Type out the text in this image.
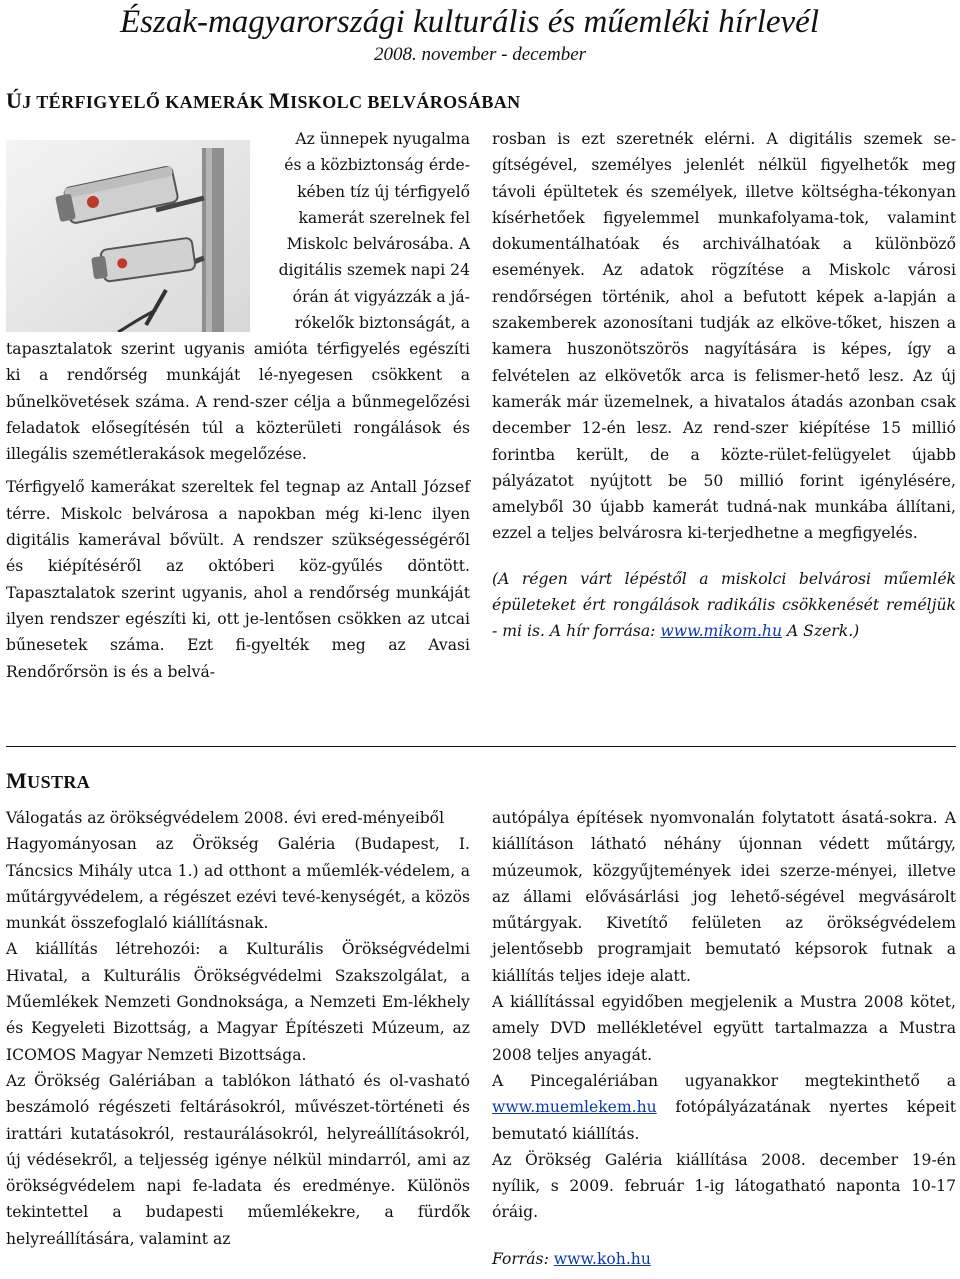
Észak-magyarországi kulturális és műemléki hírlevél
2008. november - december
ÚJ TÉRFIGYELŐ KAMERÁK MISKOLC BELVÁROSÁBAN
Az ünnepek nyugalma
és a közbiztonság érde-
kében tíz új térfigyelő
kamerát szerelnek fel
Miskolc belvárosába. A
digitális szemek napi 24
órán át vigyázzák a já-
rókelők biztonságát, a

tapasztalatok szerint ugyanis amióta térfigyelés egészíti ki a rendőrség munkáját lé-nyegesen csökkent a bűnelkövetések száma. A rend-szer célja a bűnmegelőzési feladatok elősegítésén túl a közterületi rongálások és illegális szemétlerakások megelőzése.

Térfigyelő kamerákat szereltek fel tegnap az Antall József térre. Miskolc belvárosa a napokban még ki-lenc ilyen digitális kamerával bővült. A rendszer szükségességéről és kiépítéséről az októberi köz-gyűlés döntött. Tapasztalatok szerint ugyanis, ahol a rendőrség munkáját ilyen rendszer egészíti ki, ott je-lentősen csökken az utcai bűnesetek száma. Ezt fi-gyelték meg az Avasi Rendőrőrsön is és a belvá-

rosban is ezt szeretnék elérni. A digitális szemek se-gítségével, személyes jelenlét nélkül figyelhetők meg távoli épültetek és személyek, illetve költségha-tékonyan kísérhetőek figyelemmel munkafolyama-tok, valamint dokumentálhatóak és archiválhatóak a különböző események. Az adatok rögzítése a Miskolc városi rendőrségen történik, ahol a befutott képek a-lapján a szakemberek azonosítani tudják az elköve-tőket, hiszen a kamera huszonötszörös nagyítására is képes, így a felvételen az elkövetők arca is felismer-hető lesz. Az új kamerák már üzemelnek, a hivatalos átadás azonban csak december 12-én lesz. Az rend-szer kiépítése 15 millió forintba került, de a közte-rület-felügyelet újabb pályázatot nyújtott be 50 millió forint igénylésére, amelyből 30 újabb kamerát tudná-nak munkába állítani, ezzel a teljes belvárosra ki-terjedhetne a megfigyelés.

(A régen várt lépéstől a miskolci belvárosi műemlék épületeket ért rongálások radikális csökkenését reméljük - mi is. A hír forrása: www.mikom.hu A Szerk.)

MUSTRA

Válogatás az örökségvédelem 2008. évi ered-ményeiből

Hagyományosan az Örökség Galéria (Budapest, I. Táncsics Mihály utca 1.) ad otthont a műemlék-védelem, a műtárgyvédelem, a régészet ezévi tevé-kenységét, a közös munkát összefoglaló kiállításnak.

A kiállítás létrehozói: a Kulturális Örökségvédelmi Hivatal, a Kulturális Örökségvédelmi Szakszolgálat, a Műemlékek Nemzeti Gondnoksága, a Nemzeti Em-lékhely és Kegyeleti Bizottság, a Magyar Építészeti Múzeum, az ICOMOS Magyar Nemzeti Bizottsága.

Az Örökség Galériában a tablókon látható és ol-vasható beszámoló régészeti feltárásokról, művészet-történeti és irattári kutatásokról, restaurálásokról, helyreállításokról, új védésekről, a teljesség igénye nélkül mindarról, ami az örökségvédelem napi fe-ladata és eredménye. Különös tekintettel a budapesti műemlékekre, a fürdők helyreállítására, valamint az

autópálya építések nyomvonalán folytatott ásatá-sokra. A kiállításon látható néhány újonnan védett műtárgy, múzeumok, közgyűjtemények idei szerze-ményei, illetve az állami elővásárlási jog lehető-ségével megvásárolt műtárgyak. Kivetítő felületen az örökségvédelem jelentősebb programjait bemutató képsorok futnak a kiállítás teljes ideje alatt.

A kiállítással egyidőben megjelenik a Mustra 2008 kötet, amely DVD mellékletével együtt tartalmazza a Mustra 2008 teljes anyagát.

A Pincegalériában ugyanakkor megtekinthető a www.muemlekem.hu fotópályázatának nyertes képeit bemutató kiállítás.

Az Örökség Galéria kiállítása 2008. december 19-én nyílik, s 2009. február 1-ig látogatható naponta 10-17 óráig.

Forrás: www.koh.hu
